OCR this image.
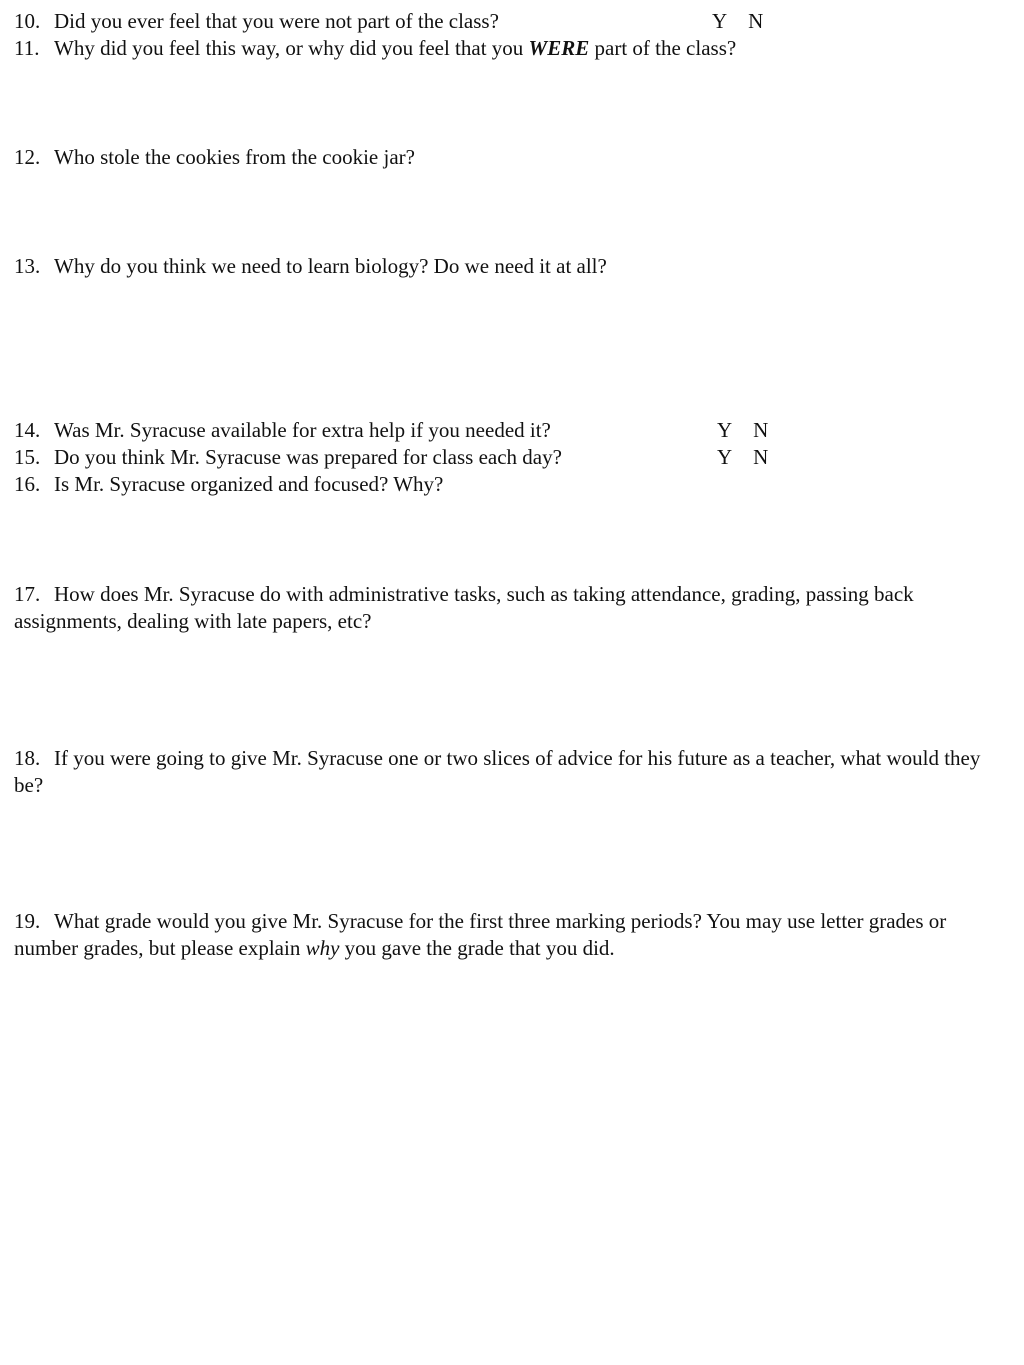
10. Did you ever feel that you were not part of the class?	Y N
11. Why did you feel this way, or why did you feel that you WERE part of the class?
12. Who stole the cookies from the cookie jar?
13. Why do you think we need to learn biology? Do we need it at all?
14. Was Mr. Syracuse available for extra help if you needed it?	Y N
15. Do you think Mr. Syracuse was prepared for class each day?	Y N
16. Is Mr. Syracuse organized and focused? Why?
17. How does Mr. Syracuse do with administrative tasks, such as taking attendance, grading, passing back assignments, dealing with late papers, etc?
18. If you were going to give Mr. Syracuse one or two slices of advice for his future as a teacher, what would they be?
19. What grade would you give Mr. Syracuse for the first three marking periods? You may use letter grades or number grades, but please explain why you gave the grade that you did.
